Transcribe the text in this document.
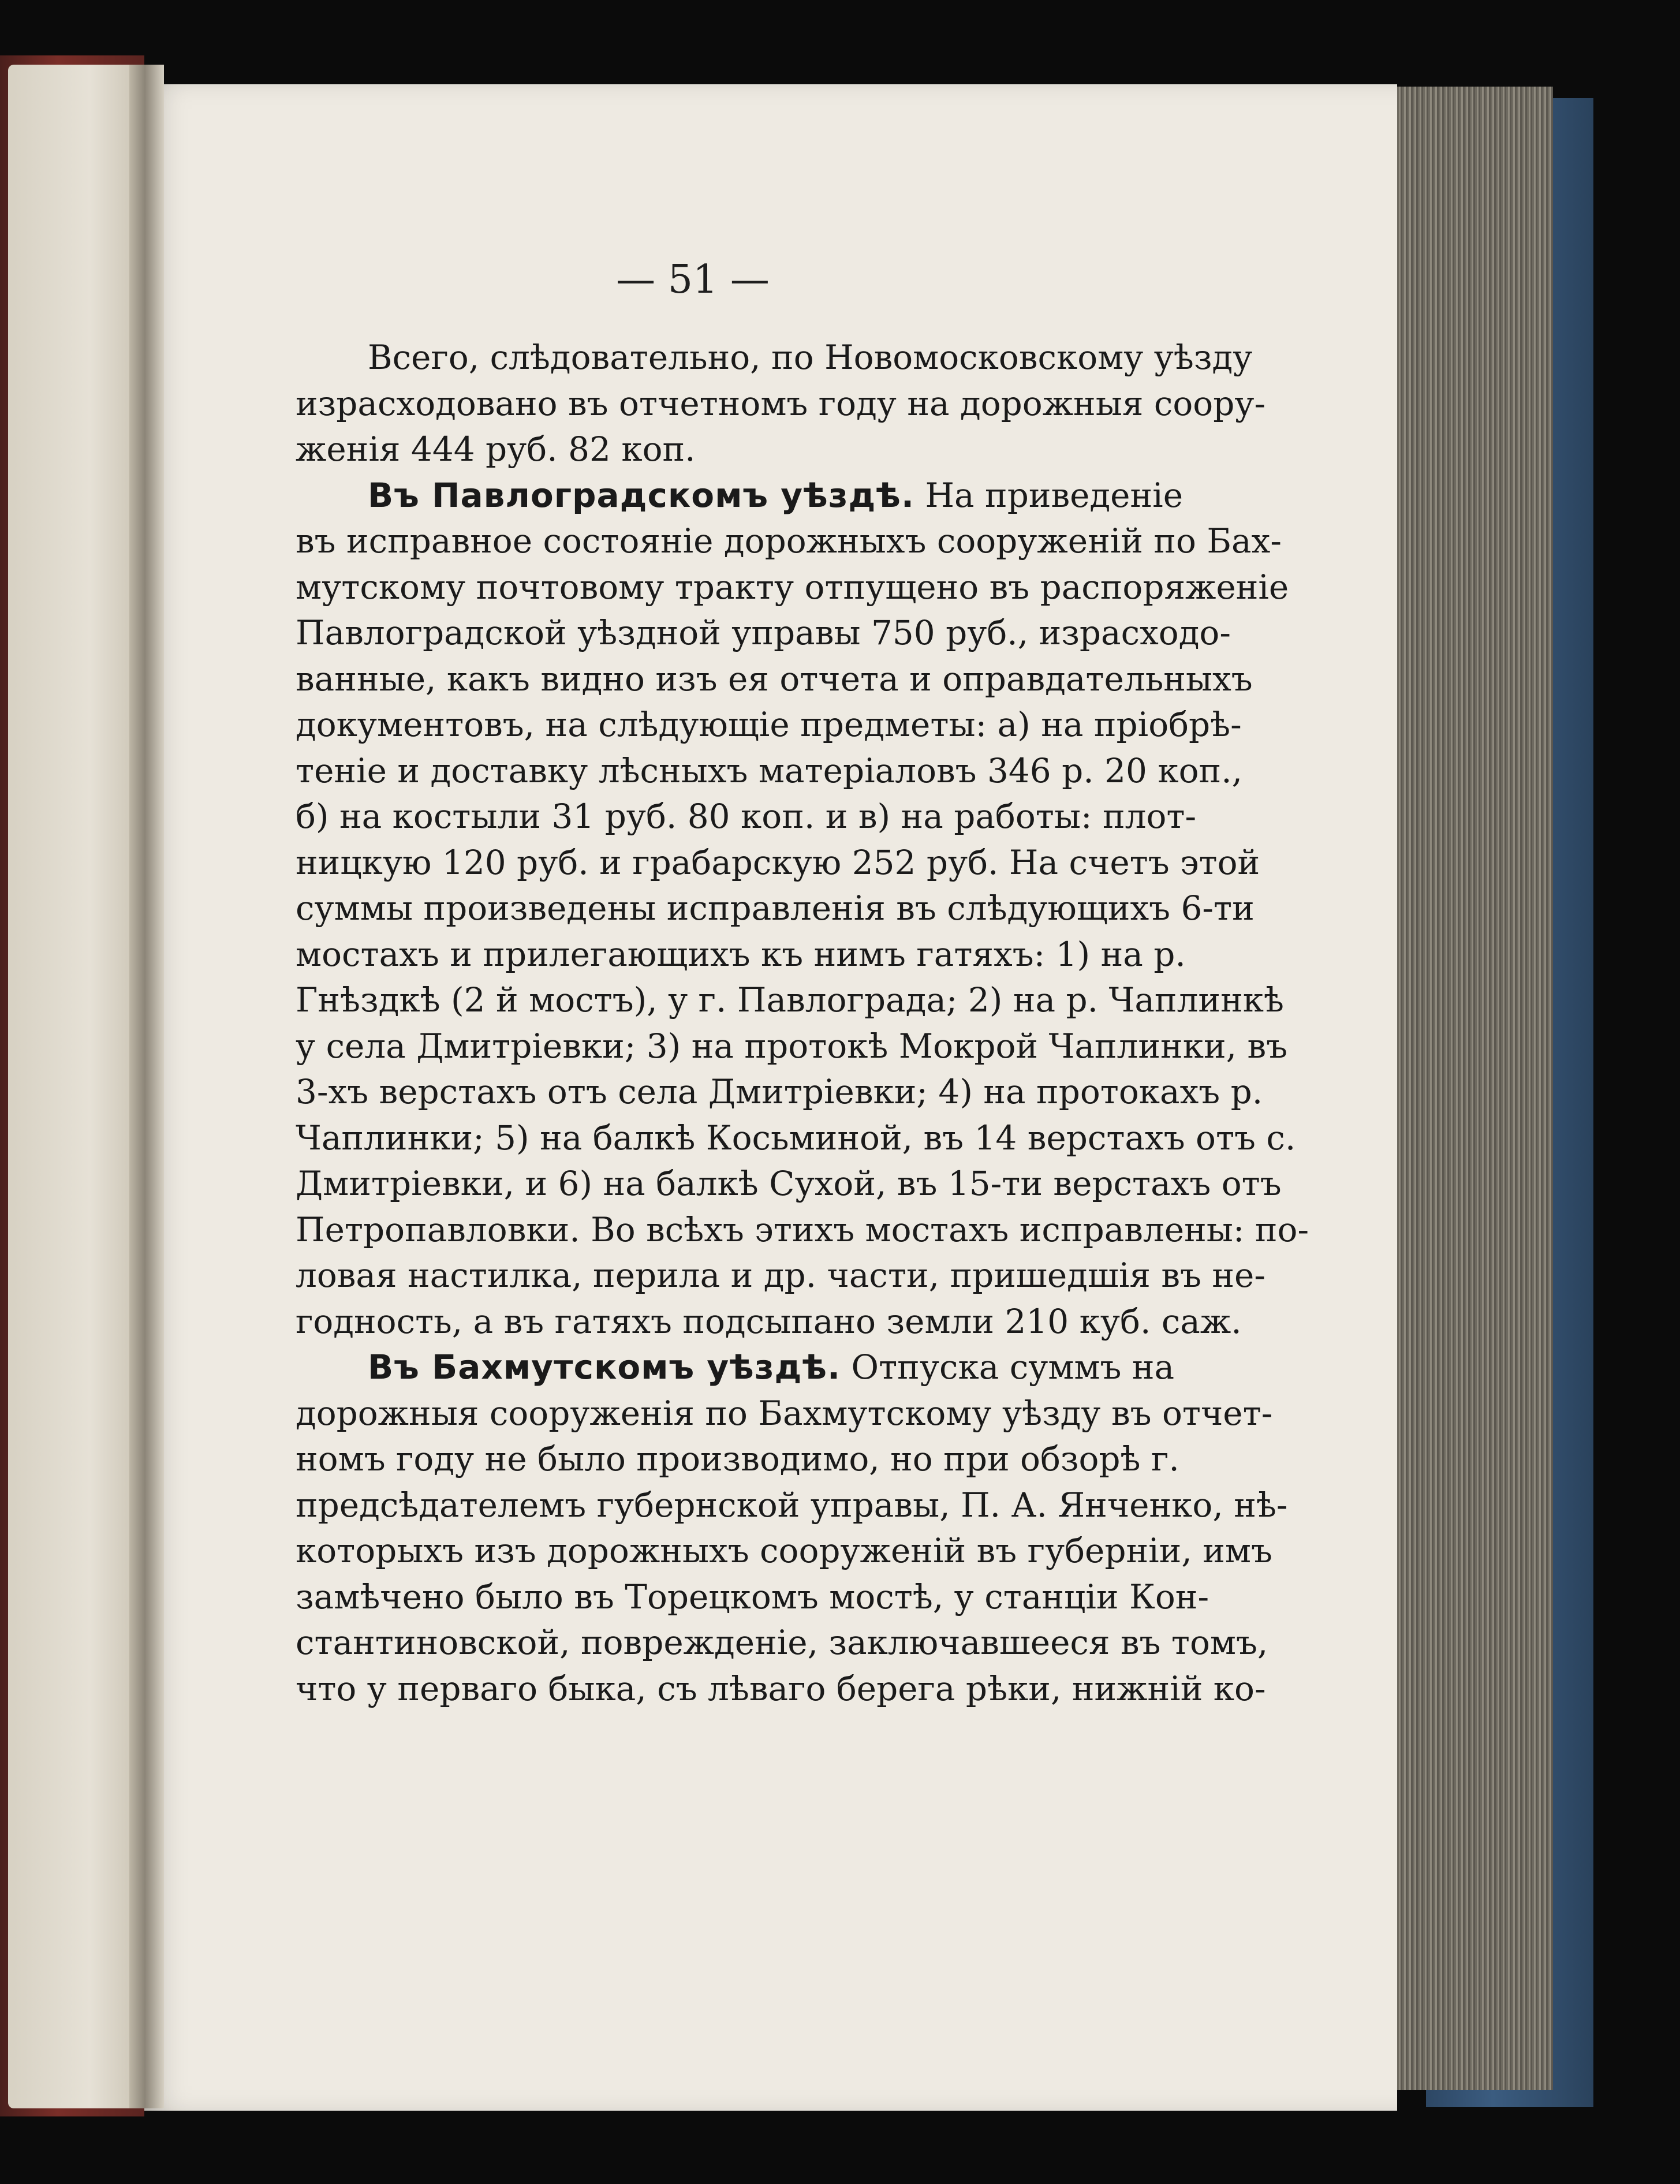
— 51 —
Всего, слѣдовательно, по Новомосковскому уѣзду
израсходовано въ отчетномъ году на дорожныя соору-
женія 444 руб. 82 коп.
Въ Павлоградскомъ уѣздѣ. На приведеніе
въ исправное состояніе дорожныхъ сооруженій по Бах-
мутскому почтовому тракту отпущено въ распоряженіе
Павлоградской уѣздной управы 750 руб., израсходо-
ванные, какъ видно изъ ея отчета и оправдательныхъ
документовъ, на слѣдующіе предметы: а) на пріобрѣ-
теніе и доставку лѣсныхъ матеріаловъ 346 р. 20 коп.,
б) на костыли 31 руб. 80 коп. и в) на работы: плот-
ницкую 120 руб. и грабарскую 252 руб. На счетъ этой
суммы произведены исправленія въ слѣдующихъ 6-ти
мостахъ и прилегающихъ къ нимъ гатяхъ: 1) на р.
Гнѣздкѣ (2 й мостъ), у г. Павлограда; 2) на р. Чаплинкѣ
у села Дмитріевки; 3) на протокѣ Мокрой Чаплинки, въ
3-хъ верстахъ отъ села Дмитріевки; 4) на протокахъ р.
Чаплинки; 5) на балкѣ Косьминой, въ 14 верстахъ отъ с.
Дмитріевки, и 6) на балкѣ Сухой, въ 15-ти верстахъ отъ
Петропавловки. Во всѣхъ этихъ мостахъ исправлены: по-
ловая настилка, перила и др. части, пришедшія въ не-
годность, а въ гатяхъ подсыпано земли 210 куб. саж.
Въ Бахмутскомъ уѣздѣ. Отпуска суммъ на
дорожныя сооруженія по Бахмутскому уѣзду въ отчет-
номъ году не было производимо, но при обзорѣ г.
предсѣдателемъ губернской управы, П. А. Янченко, нѣ-
которыхъ изъ дорожныхъ сооруженій въ губерніи, имъ
замѣчено было въ Торецкомъ мостѣ, у станціи Кон-
стантиновской, поврежденіе, заключавшееся въ томъ,
что у перваго быка, съ лѣваго берега рѣки, нижній ко-
